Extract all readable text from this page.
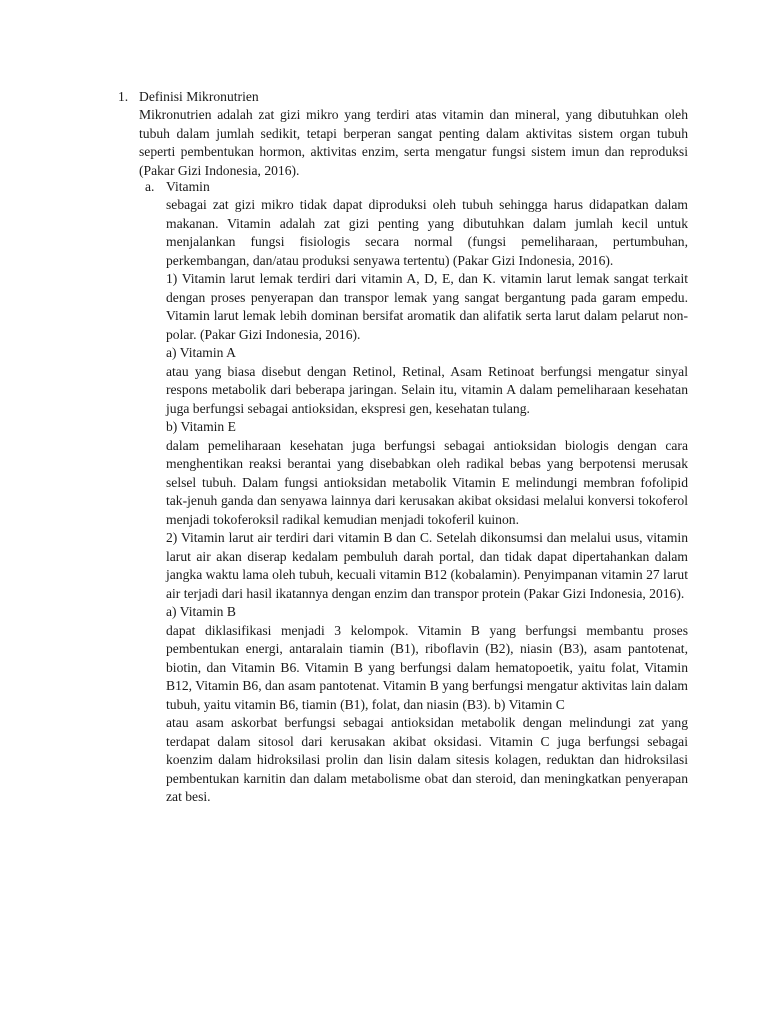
1. Definisi Mikronutrien

Mikronutrien adalah zat gizi mikro yang terdiri atas vitamin dan mineral, yang dibutuhkan oleh tubuh dalam jumlah sedikit, tetapi berperan sangat penting dalam aktivitas sistem organ tubuh seperti pembentukan hormon, aktivitas enzim, serta mengatur fungsi sistem imun dan reproduksi (Pakar Gizi Indonesia, 2016).

a. Vitamin

sebagai zat gizi mikro tidak dapat diproduksi oleh tubuh sehingga harus didapatkan dalam makanan. Vitamin adalah zat gizi penting yang dibutuhkan dalam jumlah kecil untuk menjalankan fungsi fisiologis secara normal (fungsi pemeliharaan, pertumbuhan, perkembangan, dan/atau produksi senyawa tertentu) (Pakar Gizi Indonesia, 2016).

1) Vitamin larut lemak terdiri dari vitamin A, D, E, dan K. vitamin larut lemak sangat terkait dengan proses penyerapan dan transpor lemak yang sangat bergantung pada garam empedu. Vitamin larut lemak lebih dominan bersifat aromatik dan alifatik serta larut dalam pelarut non-polar. (Pakar Gizi Indonesia, 2016).

a) Vitamin A

atau yang biasa disebut dengan Retinol, Retinal, Asam Retinoat berfungsi mengatur sinyal respons metabolik dari beberapa jaringan. Selain itu, vitamin A dalam pemeliharaan kesehatan juga berfungsi sebagai antioksidan, ekspresi gen, kesehatan tulang.

b) Vitamin E

dalam pemeliharaan kesehatan juga berfungsi sebagai antioksidan biologis dengan cara menghentikan reaksi berantai yang disebabkan oleh radikal bebas yang berpotensi merusak selsel tubuh. Dalam fungsi antioksidan metabolik Vitamin E melindungi membran fofolipid tak-jenuh ganda dan senyawa lainnya dari kerusakan akibat oksidasi melalui konversi tokoferol menjadi tokoferoksil radikal kemudian menjadi tokoferil kuinon.

2) Vitamin larut air terdiri dari vitamin B dan C. Setelah dikonsumsi dan melalui usus, vitamin larut air akan diserap kedalam pembuluh darah portal, dan tidak dapat dipertahankan dalam jangka waktu lama oleh tubuh, kecuali vitamin B12 (kobalamin). Penyimpanan vitamin 27 larut air terjadi dari hasil ikatannya dengan enzim dan transpor protein (Pakar Gizi Indonesia, 2016).

a) Vitamin B

dapat diklasifikasi menjadi 3 kelompok. Vitamin B yang berfungsi membantu proses pembentukan energi, antaralain tiamin (B1), riboflavin (B2), niasin (B3), asam pantotenat, biotin, dan Vitamin B6. Vitamin B yang berfungsi dalam hematopoetik, yaitu folat, Vitamin B12, Vitamin B6, dan asam pantotenat. Vitamin B yang berfungsi mengatur aktivitas lain dalam tubuh, yaitu vitamin B6, tiamin (B1), folat, dan niasin (B3). b) Vitamin C

atau asam askorbat berfungsi sebagai antioksidan metabolik dengan melindungi zat yang terdapat dalam sitosol dari kerusakan akibat oksidasi. Vitamin C juga berfungsi sebagai koenzim dalam hidroksilasi prolin dan lisin dalam sitesis kolagen, reduktan dan hidroksilasi pembentukan karnitin dan dalam metabolisme obat dan steroid, dan meningkatkan penyerapan zat besi.
